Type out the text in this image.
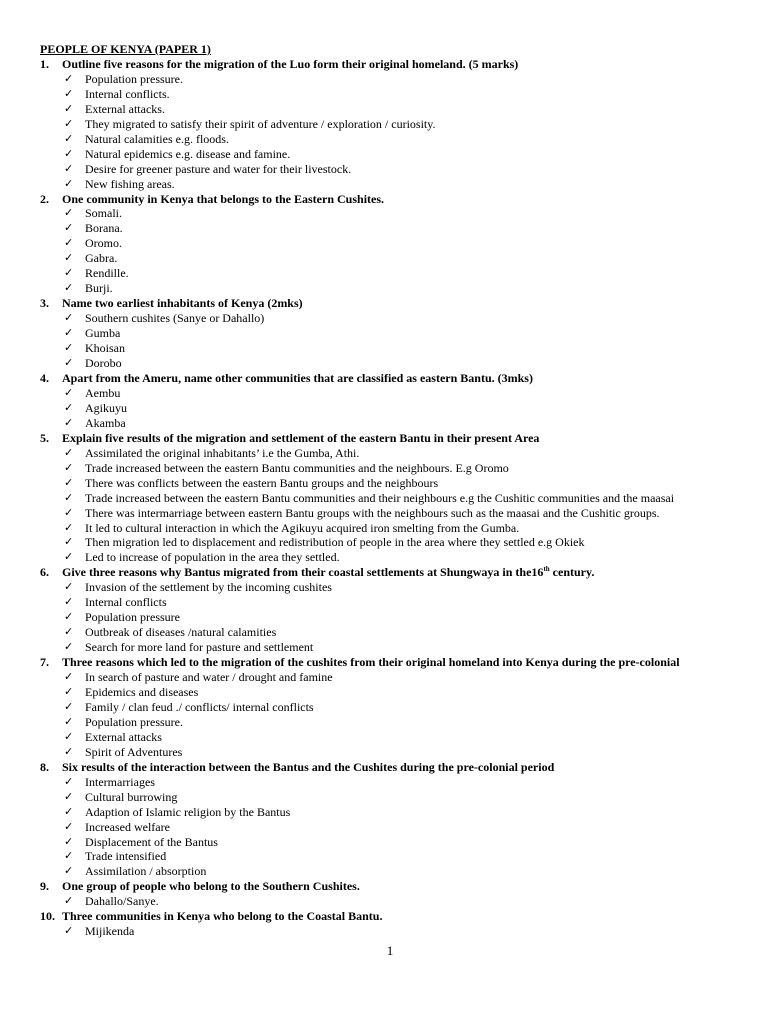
PEOPLE OF KENYA (PAPER 1)
1. Outline five reasons for the migration of the Luo form their original homeland. (5 marks)
✓ Population pressure.
✓ Internal conflicts.
✓ External attacks.
✓ They migrated to satisfy their spirit of adventure / exploration / curiosity.
✓ Natural calamities e.g. floods.
✓ Natural epidemics e.g. disease and famine.
✓ Desire for greener pasture and water for their livestock.
✓ New fishing areas.
2. One community in Kenya that belongs to the Eastern Cushites.
✓ Somali.
✓ Borana.
✓ Oromo.
✓ Gabra.
✓ Rendille.
✓ Burji.
3. Name two earliest inhabitants of Kenya (2mks)
✓ Southern cushites (Sanye or Dahallo)
✓ Gumba
✓ Khoisan
✓ Dorobo
4. Apart from the Ameru, name other communities that are classified as eastern Bantu. (3mks)
✓ Aembu
✓ Agikuyu
✓ Akamba
5. Explain five results of the migration and settlement of the eastern Bantu in their present Area
✓ Assimilated the original inhabitants’ i.e the Gumba, Athi.
✓ Trade increased between the eastern Bantu communities and the neighbours. E.g Oromo
✓ There was conflicts between the eastern Bantu groups and the neighbours
✓ Trade increased between the eastern Bantu communities and their neighbours e.g the Cushitic communities and the maasai
✓ There was intermarriage between eastern Bantu groups with the neighbours such as the maasai and the Cushitic groups.
✓ It led to cultural interaction in which the Agikuyu acquired iron smelting from the Gumba.
✓ Then migration led to displacement and redistribution of people in the area where they settled e.g Okiek
✓ Led to increase of population in the area they settled.
6. Give three reasons why Bantus migrated from their coastal settlements at Shungwaya in the16th century.
✓ Invasion of the settlement by the incoming cushites
✓ Internal conflicts
✓ Population pressure
✓ Outbreak of diseases /natural calamities
✓ Search for more land for pasture and settlement
7. Three reasons which led to the migration of the cushites from their original homeland into Kenya during the pre-colonial
✓ In search of pasture and water / drought and famine
✓ Epidemics and diseases
✓ Family / clan feud ./ conflicts/ internal conflicts
✓ Population pressure.
✓ External attacks
✓ Spirit of Adventures
8. Six results of the interaction between the Bantus and the Cushites during the pre-colonial period
✓ Intermarriages
✓ Cultural burrowing
✓ Adaption of Islamic religion by the Bantus
✓ Increased welfare
✓ Displacement of the Bantus
✓ Trade intensified
✓ Assimilation / absorption
9. One group of people who belong to the Southern Cushites.
✓ Dahallo/Sanye.
10. Three communities in Kenya who belong to the Coastal Bantu.
✓ Mijikenda
1
